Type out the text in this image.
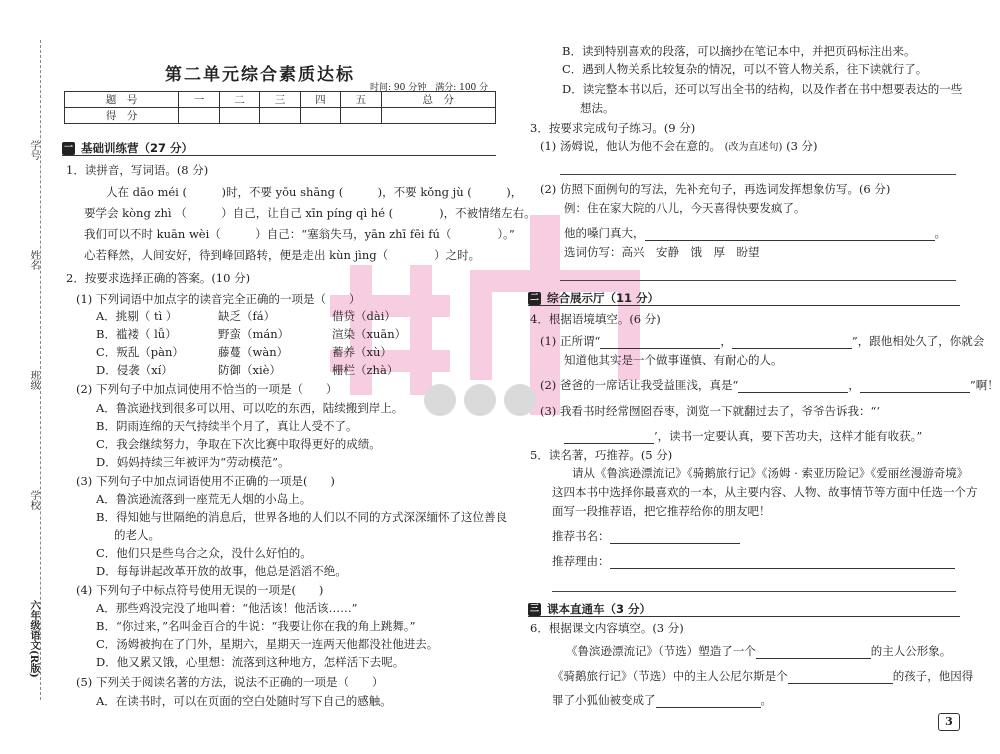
学号
姓名
班级
学校
六年级语文(R版)
第二单元综合素质达标
时间: 90 分钟　满分: 100 分
题　号	一	二	三	四	五	总　分
得　分						
一 基础训练营（27 分）
1．读拼音，写词语。(8 分)
人在 dāo méi (　　　)时，不要 yōu shāng (　　　)，不要 kǒng jù (　　　)，
要学会 kòng zhì （　　　）自己，让自己 xīn píng qì hé (　　　　)，不被情绪左右。
我们可以不时 kuān wèi（　　　）自己：“塞翁失马，yān zhī fēi fú（　　　　）。”
心若释然，人间安好，待到峰回路转，便是走出 kùn jìng（　　　　）之时。
2．按要求选择正确的答案。(10 分)
(1) 下列词语中加点字的读音完全正确的一项是（　　）
A．挑剔（ tì ）	缺乏（fá）	借贷（dài）
B．褴褛（ lǚ）	野蛮（mán）	渲染（xuān）
C．叛乱（pàn）	藤蔓（wàn）	蓄养（xù）
D．侵袭（xí）	防御（xiè）	栅栏（zhà）
(2) 下列句子中加点词使用不恰当的一项是（　　）
A．鲁滨逊找到很多可以用、可以吃的东西，陆续搬到岸上。
B．阴雨连绵的天气持续半个月了，真让人受不了。
C．我会继续努力，争取在下次比赛中取得更好的成绩。
D．妈妈持续三年被评为“劳动模范”。
(3) 下列句子中加点词语使用不正确的一项是(　　)
A．鲁滨逊流落到一座荒无人烟的小岛上。
B．得知她与世隔绝的消息后，世界各地的人们以不同的方式深深缅怀了这位善良
的老人。
C．他们只是些乌合之众，没什么好怕的。
D．每每讲起改革开放的故事，他总是滔滔不绝。
(4) 下列句子中标点符号使用无误的一项是(　　)
A．那些鸡没完没了地叫着：“他活该！他活该……”
B．“你过来，”名叫金百合的牛说：“我要让你在我的角上跳舞。”
C．汤姆被拘在了门外，星期六，星期天一连两天他都没社他进去。
D．他又累又饿，心里想：流落到这种地方，怎样活下去呢。
(5) 下列关于阅读名著的方法，说法不正确的一项是（　　）
A．在读书时，可以在页面的空白处随时写下自己的感触。
B．读到特别喜欢的段落，可以摘抄在笔记本中，并把页码标注出来。
C．遇到人物关系比较复杂的情况，可以不管人物关系，往下读就行了。
D．读完整本书以后，还可以写出全书的结构，以及作者在书中想要表达的一些
想法。
3．按要求完成句子练习。(9 分)
(1) 汤姆说，他认为他不会在意的。 (改为直述句) (3 分)
(2) 仿照下面例句的写法，先补充句子，再选词发挥想象仿写。(6 分)
例：住在家大院的八儿，今天喜得快要发疯了。
他的嗓门真大，	。
选词仿写：高兴　安静　饿　厚　盼望
二 综合展示厅（11 分）
4．根据语境填空。(6 分)
(1) 正所谓“	，	”，跟他相处久了，你就会
知道他其实是一个做事谨慎、有耐心的人。
(2) 爸爸的一席话让我受益匪浅，真是“	，	”啊！
(3) 我看书时经常囫囵吞枣，浏览一下就翻过去了，爷爷告诉我：“‘
’，读书一定要认真，要下苦功夫，这样才能有收获。”
5．读名著，巧推荐。(5 分)
请从《鲁滨逊漂流记》《骑鹅旅行记》《汤姆 · 索亚历险记》《爱丽丝漫游奇境》
这四本书中选择你最喜欢的一本，从主要内容、人物、故事情节等方面中任选一个方
面写一段推荐语，把它推荐给你的朋友吧！
推荐书名：
推荐理由：
三 课本直通车（3 分）
6．根据课文内容填空。(3 分)
《鲁滨逊漂流记》（节选）塑造了一个	的主人公形象。
《骑鹅旅行记》（节选）中的主人公尼尔斯是个	的孩子，他因得
罪了小狐仙被变成了	。
3
